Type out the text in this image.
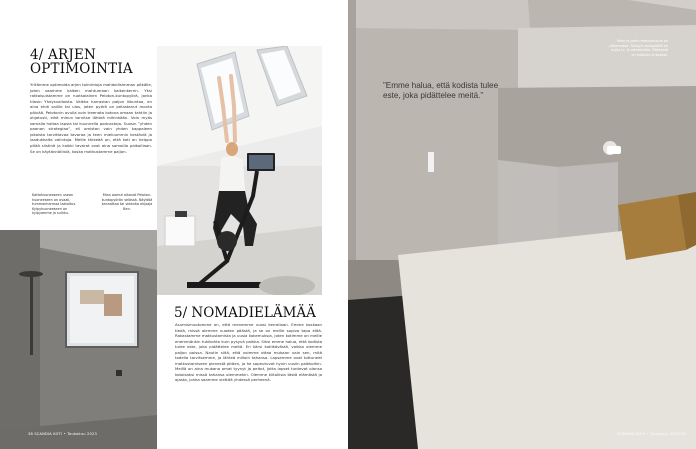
4/ ARJEN OPTIMOINTIA
Yritämme optimoida arjen toimintoja mahdollisimman pitkälle, joten saamme kaiken mahtumaan kaikenkerrin. Yksi ratkaisuistamme on ruotsalainen Peloton-kuntopyörä, jonka tilasin Yhdysvalloista. Vaikka harrastan paljon liikuntaa, en aina ehdi salille tai ulos, joten pyörä on pelastanut monta päivää. Pelotonin avulla voin treenata kotona omaan tahtiin ja ohjatusti, eikä minun tarvitse lähteä mihinkään. Voin myös samalla hoitaa lapsia tai kuunnella podcasteja. Suosin ”yhden paanan strategiaa”, eli omistan vain yhden kappaleen jokaista tarvittavaa tavaraa ja teen mieluummin kestäviä ja laadukkaita valintoja. Meille tärkeää on, että koti on helppo pitää siistinä ja kaikki tavarat ovat aina samoilla paikoillaan. Se on käytännöllistä, koska matkustamme paljon.
Kattohuoneeseen usean huoneeseen on ovaali, tummanharmaa laatoitus. Kylpyhuoneeseen on kylpyamme ja suihku.
Mian aamut alkavat Peloton-kuntopyörän selässä. Näyttöä kannattaa tai videoita ohjaaja Ben.
5/ NOMADIELÄMÄÄ
Asumismuotomme on, että menemme vuosi kerrallaan. Emme koskaan tiedä, missä olemme vuoden päästä, ja se on meille sopiva tapa elää. Rakastamme matkustamista ja uusia kokemuksia, joten kotimme on meille enemmänkin tukikohta kuin pysyvä paikka. Siksi emme halua, että kodista tulee este, joka pidättelee meitä. En kärsi kotiikävästä, vaikka olemme paljon poissa. Nautin siitä, että voimme ottaa mukaan vain sen, mitä todella tarvitsemme, ja lähteä milloin tahansa. Lapsemme ovat tottuneet matkustamiseen pienestä pitäen, ja he sopeutuvat hyvin uusiin paikkoihin. Meillä on aina mukana omat tyynyt ja peitot, jotta lapset tuntevat olonsa kotoisaksi missä tahansa olemmekin. Olemme kiitollisia tästä elämästä ja ajasta, jonka saamme viettää yhdessä perheenä.
38 SCANDIA KOTI • Toukokuu 2023
”Emme halua, että kodista tulee este, joka pidättelee meitä.”
Mian ja Joelin makuuhuone on yläkerrassa. Sänkyä vastapäätä on myös tv- ja oleskelutila. Päädyssä on työpiste ja kaappi.
SCANDIA KOTI • Toukokuu 2023 39
